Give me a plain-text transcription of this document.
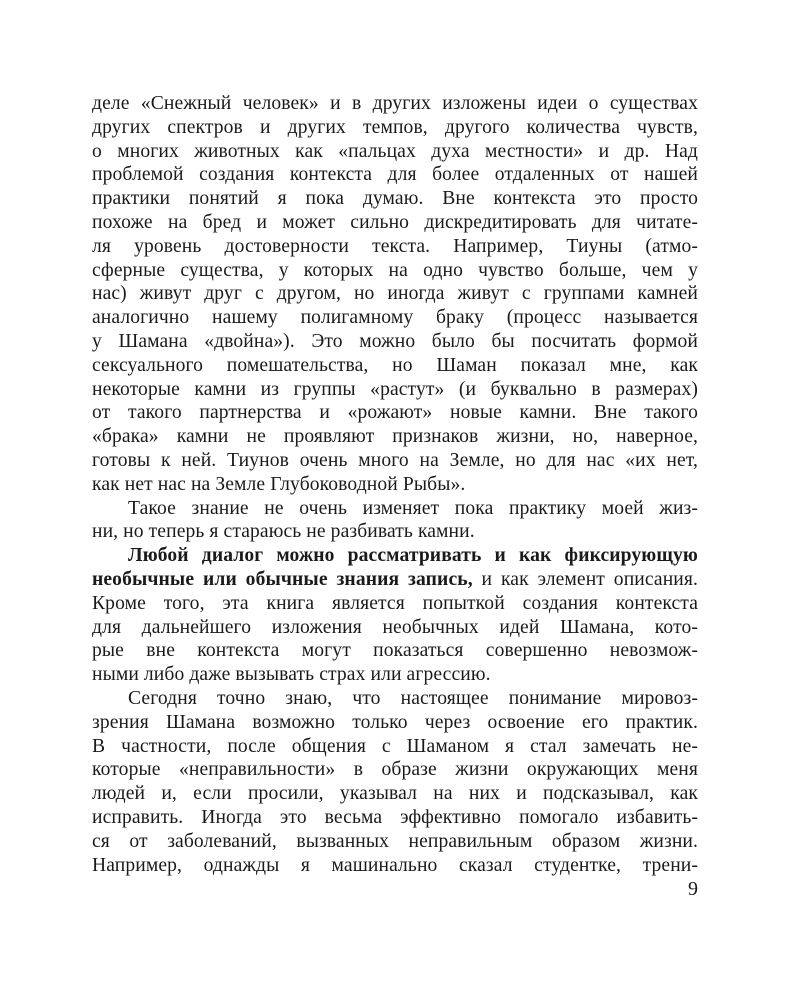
деле «Снежный человек» и в других изложены идеи о существах
других спектров и других темпов, другого количества чувств,
о многих животных как «пальцах духа местности» и др. Над
проблемой создания контекста для более отдаленных от нашей
практики понятий я пока думаю. Вне контекста это просто
похоже на бред и может сильно дискредитировать для читате-
ля уровень достоверности текста. Например, Тиуны (атмо-
сферные существа, у которых на одно чувство больше, чем у
нас) живут друг с другом, но иногда живут с группами камней
аналогично нашему полигамному браку (процесс называется
у Шамана «двойна»). Это можно было бы посчитать формой
сексуального помешательства, но Шаман показал мне, как
некоторые камни из группы «растут» (и буквально в размерах)
от такого партнерства и «рожают» новые камни. Вне такого
«брака» камни не проявляют признаков жизни, но, наверное,
готовы к ней. Тиунов очень много на Земле, но для нас «их нет,
как нет нас на Земле Глубоководной Рыбы».
Такое знание не очень изменяет пока практику моей жиз-
ни, но теперь я стараюсь не разбивать камни.
Любой диалог можно рассматривать и как фиксирующую
необычные или обычные знания запись, и как элемент описания.
Кроме того, эта книга является попыткой создания контекста
для дальнейшего изложения необычных идей Шамана, кото-
рые вне контекста могут показаться совершенно невозмож-
ными либо даже вызывать страх или агрессию.
Сегодня точно знаю, что настоящее понимание мировоз-
зрения Шамана возможно только через освоение его практик.
В частности, после общения с Шаманом я стал замечать не-
которые «неправильности» в образе жизни окружающих меня
людей и, если просили, указывал на них и подсказывал, как
исправить. Иногда это весьма эффективно помогало избавить-
ся от заболеваний, вызванных неправильным образом жизни.
Например, однажды я машинально сказал студентке, трени-
9
